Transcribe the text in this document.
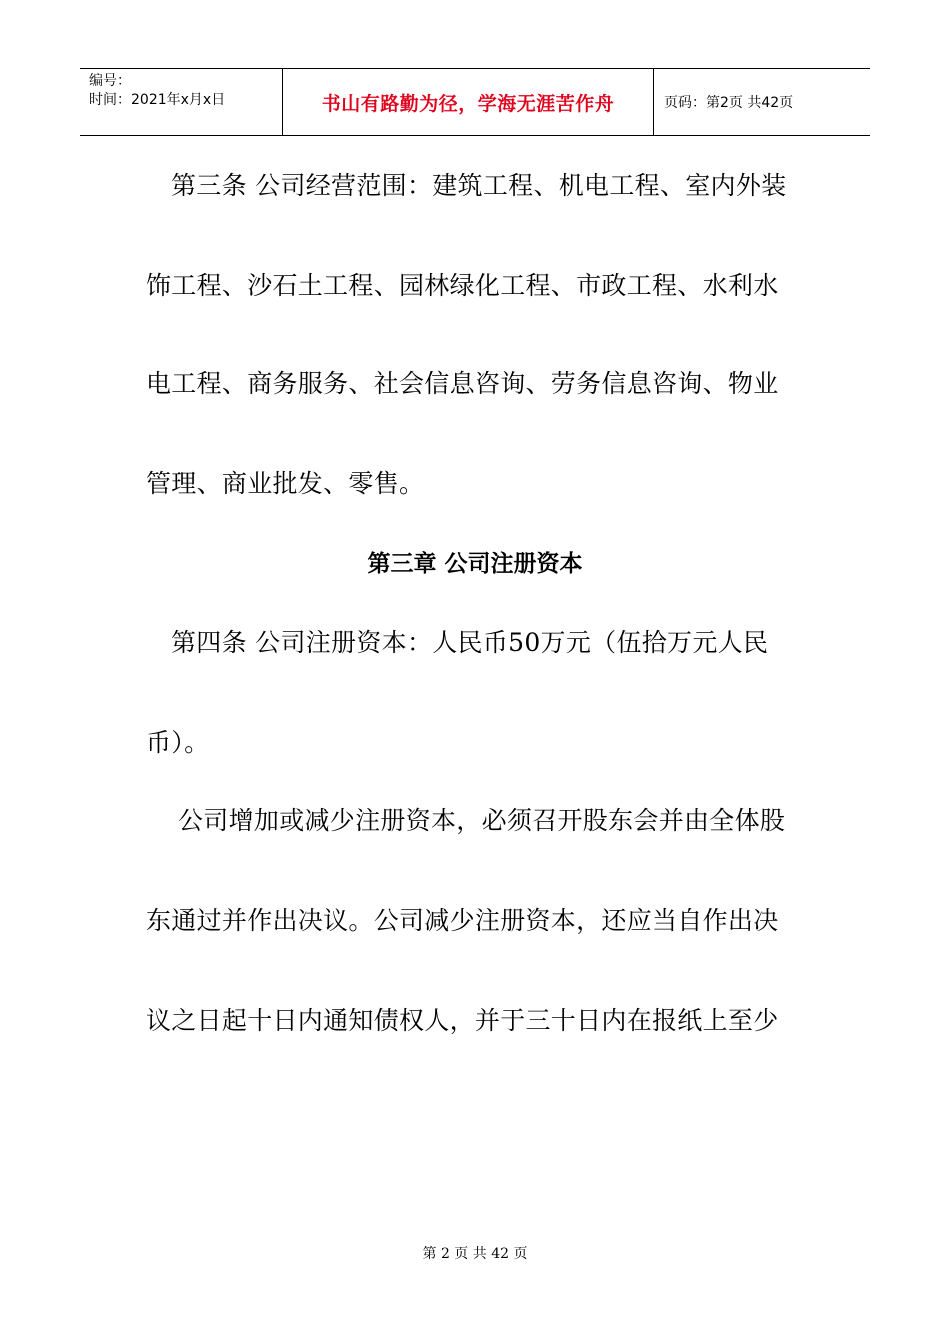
编号：
时间：2021年x月x日	书山有路勤为径，学海无涯苦作舟	页码：第2页 共42页
第三条 公司经营范围：建筑工程、机电工程、室内外装
饰工程、沙石土工程、园林绿化工程、市政工程、水利水
电工程、商务服务、社会信息咨询、劳务信息咨询、物业
管理、商业批发、零售。
第三章 公司注册资本
第四条 公司注册资本：人民币50万元（伍拾万元人民
币）。
公司增加或减少注册资本，必须召开股东会并由全体股
东通过并作出决议。公司减少注册资本，还应当自作出决
议之日起十日内通知债权人，并于三十日内在报纸上至少
第 2 页 共 42 页
